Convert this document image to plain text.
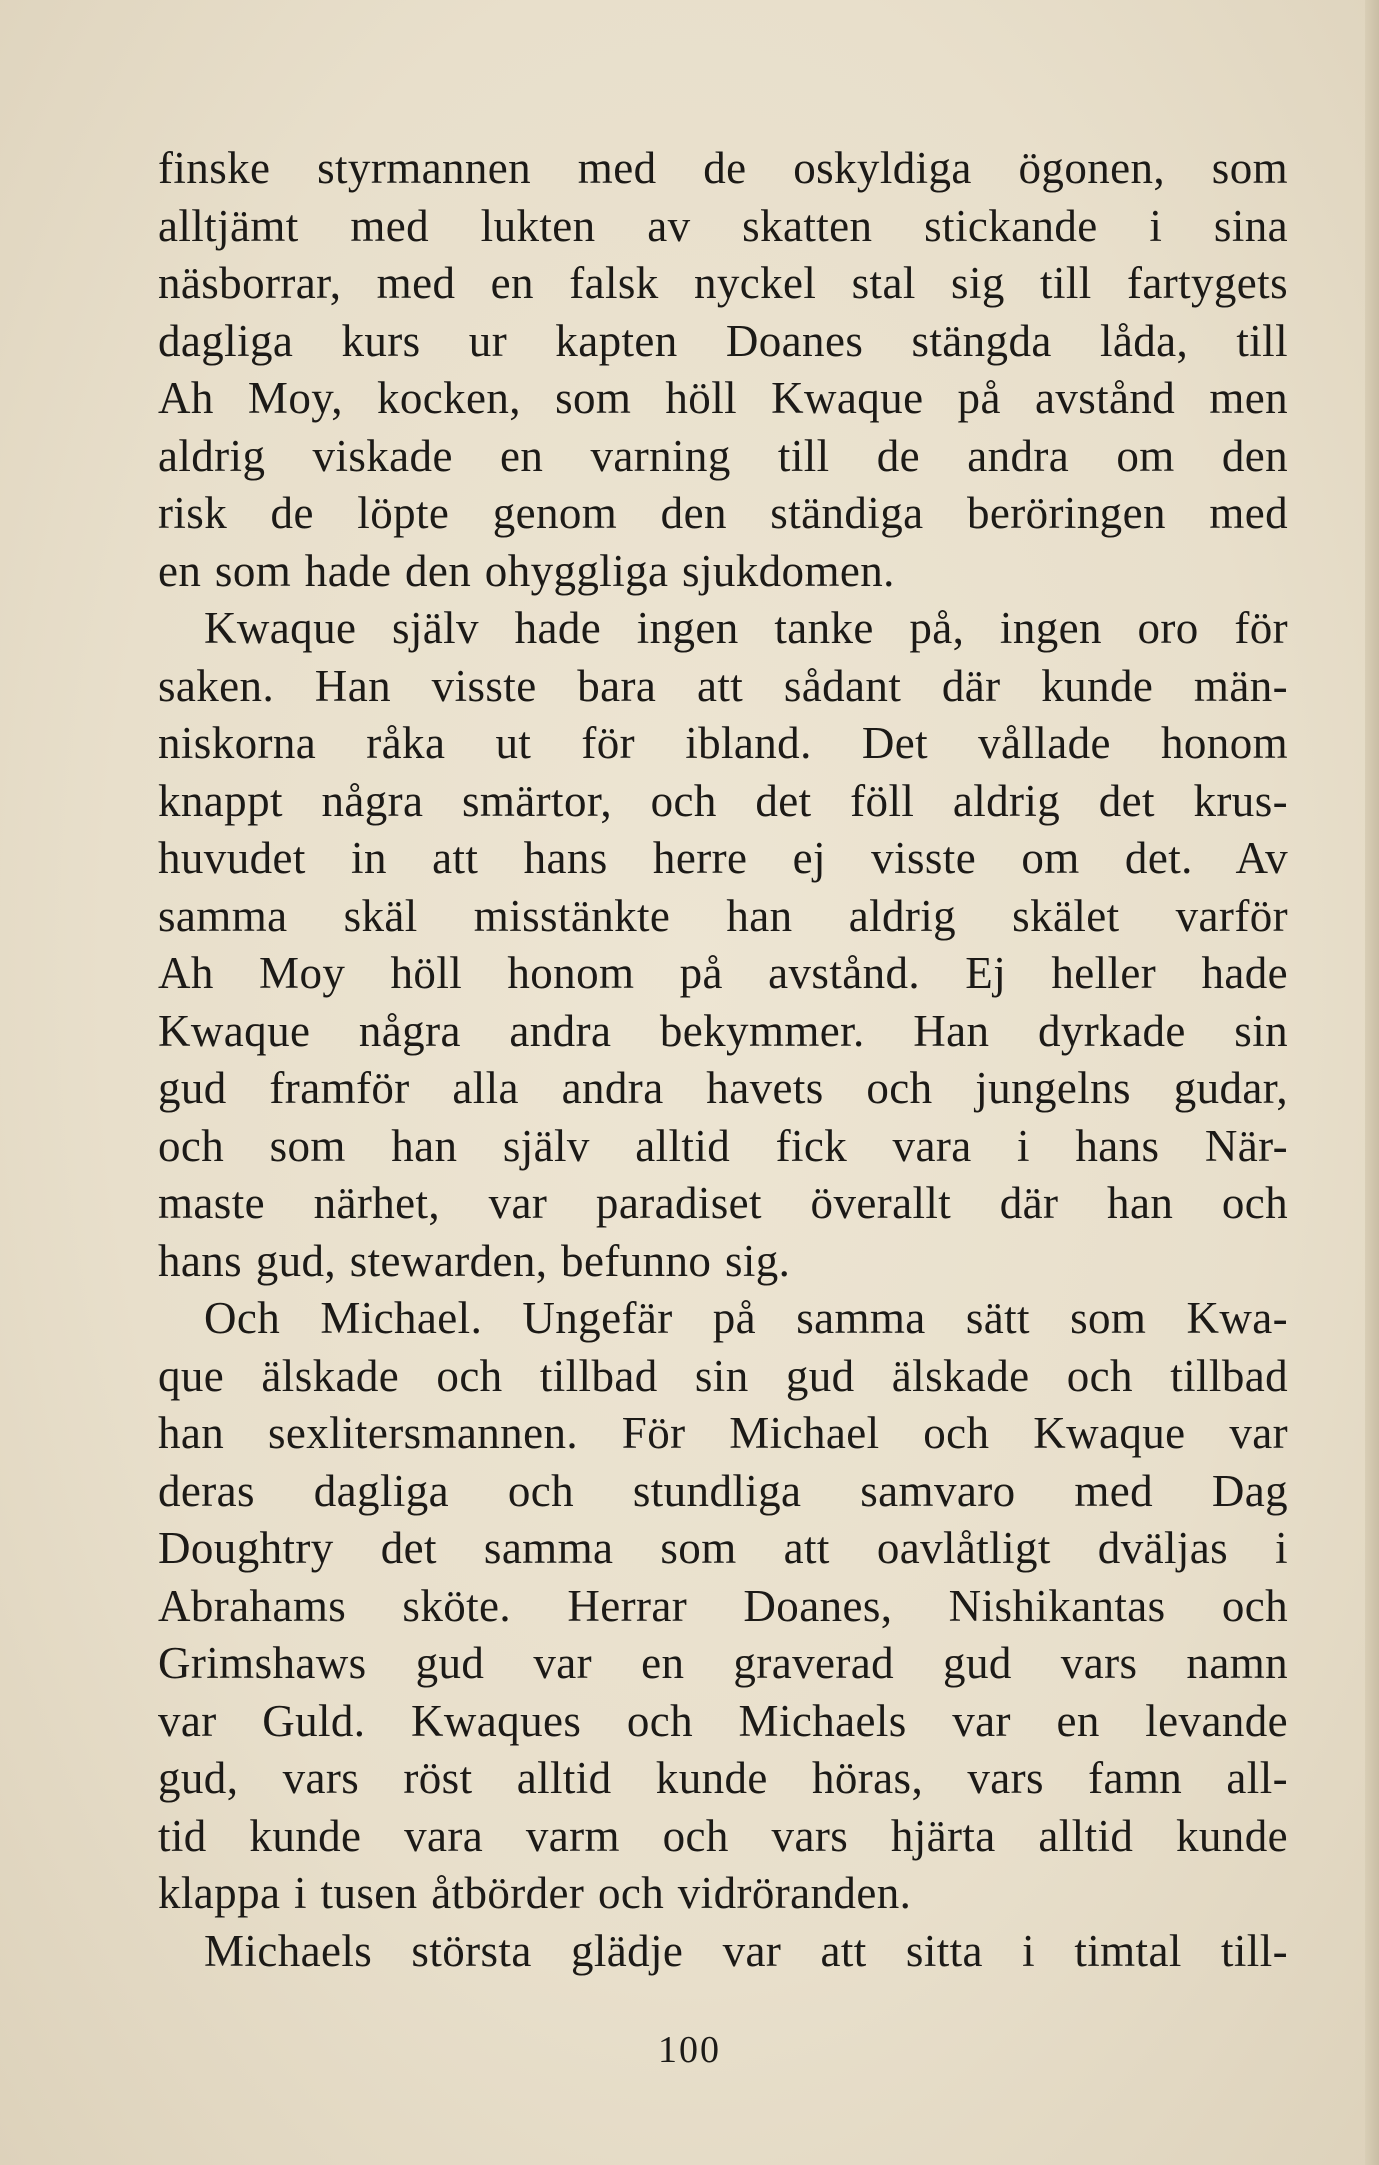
finske styrmannen med de oskyldiga ögonen, som
alltjämt med lukten av skatten stickande i sina
näsborrar, med en falsk nyckel stal sig till fartygets
dagliga kurs ur kapten Doanes stängda låda, till
Ah Moy, kocken, som höll Kwaque på avstånd men
aldrig viskade en varning till de andra om den
risk de löpte genom den ständiga beröringen med
en som hade den ohyggliga sjukdomen.
Kwaque själv hade ingen tanke på, ingen oro för
saken. Han visste bara att sådant där kunde män-
niskorna råka ut för ibland. Det vållade honom
knappt några smärtor, och det föll aldrig det krus-
huvudet in att hans herre ej visste om det. Av
samma skäl misstänkte han aldrig skälet varför
Ah Moy höll honom på avstånd. Ej heller hade
Kwaque några andra bekymmer. Han dyrkade sin
gud framför alla andra havets och jungelns gudar,
och som han själv alltid fick vara i hans När-
maste närhet, var paradiset överallt där han och
hans gud, stewarden, befunno sig.
Och Michael. Ungefär på samma sätt som Kwa-
que älskade och tillbad sin gud älskade och tillbad
han sexlitersmannen. För Michael och Kwaque var
deras dagliga och stundliga samvaro med Dag
Doughtry det samma som att oavlåtligt dväljas i
Abrahams sköte. Herrar Doanes, Nishikantas och
Grimshaws gud var en graverad gud vars namn
var Guld. Kwaques och Michaels var en levande
gud, vars röst alltid kunde höras, vars famn all-
tid kunde vara varm och vars hjärta alltid kunde
klappa i tusen åtbörder och vidröranden.
Michaels största glädje var att sitta i timtal till-
100
